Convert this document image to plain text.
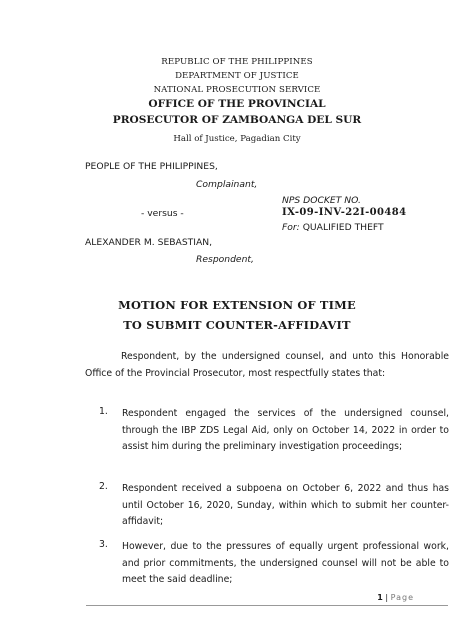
REPUBLIC OF THE PHILIPPINES
DEPARTMENT OF JUSTICE
NATIONAL PROSECUTION SERVICE
OFFICE OF THE PROVINCIAL
PROSECUTOR OF ZAMBOANGA DEL SUR
Hall of Justice, Pagadian City
PEOPLE OF THE PHILIPPINES,
Complainant,
NPS DOCKET NO.
- versus -	IX-09-INV-22I-00484
For: QUALIFIED THEFT
ALEXANDER M. SEBASTIAN,
Respondent,
MOTION FOR EXTENSION OF TIME
TO SUBMIT COUNTER-AFFIDAVIT
Respondent, by the undersigned counsel, and unto this Honorable Office of the Provincial Prosecutor, most respectfully states that:
1. Respondent engaged the services of the undersigned counsel, through the IBP ZDS Legal Aid, only on October 14, 2022 in order to assist him during the preliminary investigation proceedings;
2. Respondent received a subpoena on October 6, 2022 and thus has until October 16, 2020, Sunday, within which to submit her counter-affidavit;
3. However, due to the pressures of equally urgent professional work, and prior commitments, the undersigned counsel will not be able to meet the said deadline;
1 | Page
